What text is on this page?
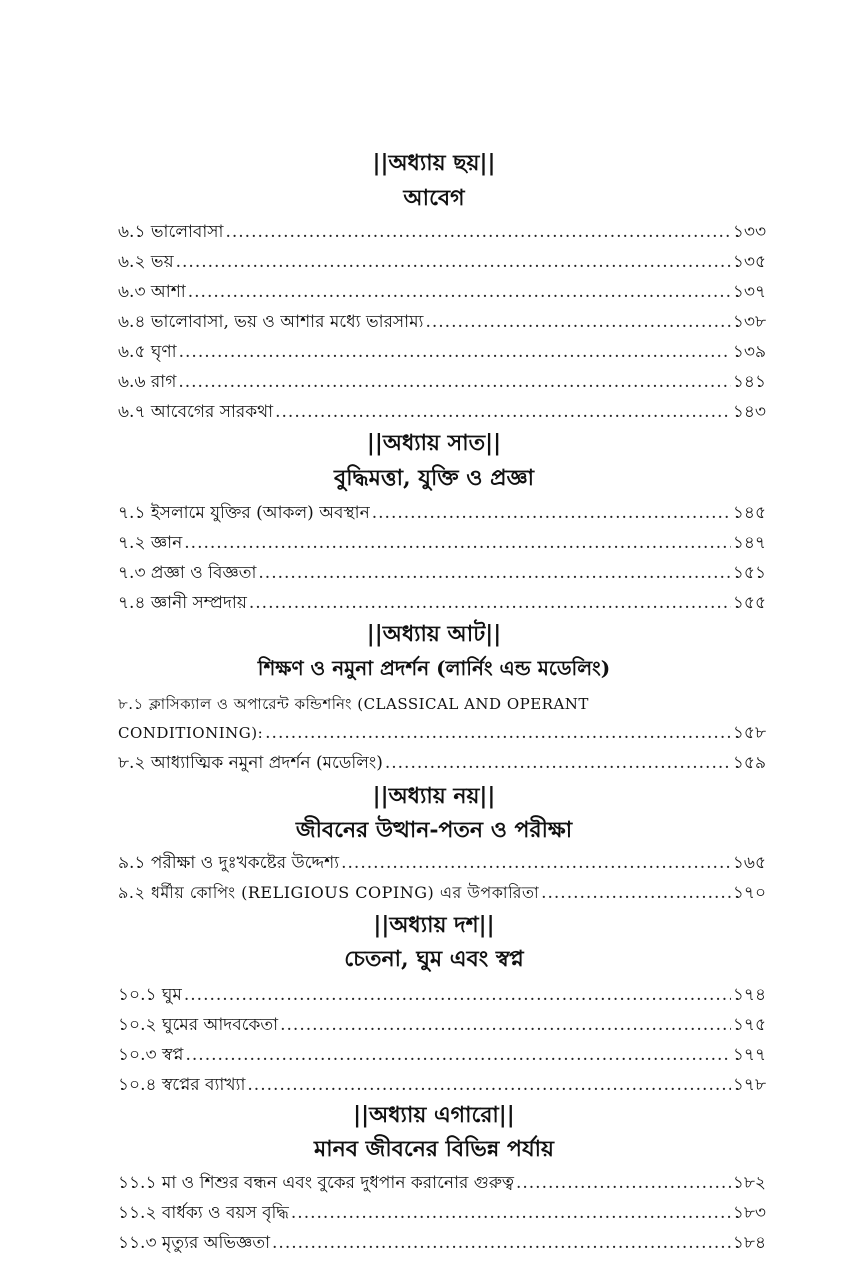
||অধ্যায় ছয়||
আবেগ
৬.১ ভালোবাসা .....	১৩৩
৬.২ ভয় .....	১৩৫
৬.৩ আশা .....	১৩৭
৬.৪ ভালোবাসা, ভয় ও আশার মধ্যে ভারসাম্য .....	১৩৮
৬.৫ ঘৃণা .....	১৩৯
৬.৬ রাগ .....	১৪১
৬.৭ আবেগের সারকথা .....	১৪৩
||অধ্যায় সাত||
বুদ্ধিমত্তা, যুক্তি ও প্রজ্ঞা
৭.১ ইসলামে যুক্তির (আকল) অবস্থান .....	১৪৫
৭.২ জ্ঞান .....	১৪৭
৭.৩ প্রজ্ঞা ও বিজ্ঞতা .....	১৫১
৭.৪ জ্ঞানী সম্প্রদায় .....	১৫৫
||অধ্যায় আট||
শিক্ষণ ও নমুনা প্রদর্শন (লার্নিং এন্ড মডেলিং)
৮.১ ক্লাসিক্যাল ও অপারেন্ট কন্ডিশনিং (CLASSICAL AND OPERANT
CONDITIONING): .....	১৫৮
৮.২ আধ্যাত্মিক নমুনা প্রদর্শন (মডেলিং) .....	১৫৯
||অধ্যায় নয়||
জীবনের উত্থান-পতন ও পরীক্ষা
৯.১ পরীক্ষা ও দুঃখকষ্টের উদ্দেশ্য .....	১৬৫
৯.২ ধর্মীয় কোপিং (RELIGIOUS COPING) এর উপকারিতা .....	১৭০
||অধ্যায় দশ||
চেতনা, ঘুম এবং স্বপ্ন
১০.১ ঘুম .....	১৭৪
১০.২ ঘুমের আদবকেতা .....	১৭৫
১০.৩ স্বপ্ন .....	১৭৭
১০.৪ স্বপ্নের ব্যাখ্যা .....	১৭৮
||অধ্যায় এগারো||
মানব জীবনের বিভিন্ন পর্যায়
১১.১ মা ও শিশুর বন্ধন এবং বুকের দুধপান করানোর গুরুত্ব .....	১৮২
১১.২ বার্ধক্য ও বয়স বৃদ্ধি .....	১৮৩
১১.৩ মৃত্যুর অভিজ্ঞতা .....	১৮৪
